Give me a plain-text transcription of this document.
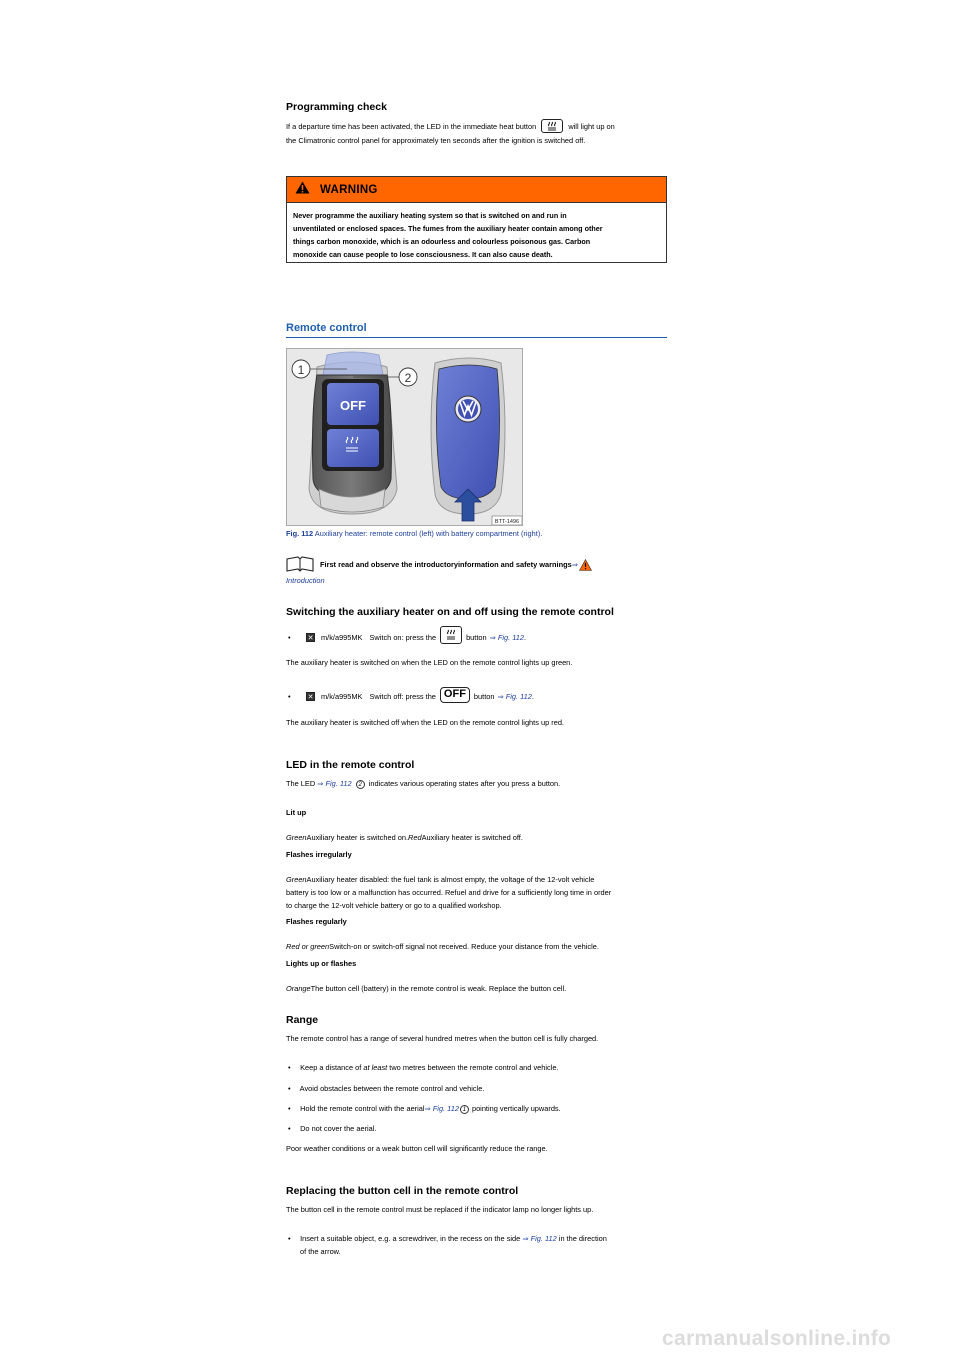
Programming check
If a departure time has been activated, the LED in the immediate heat button	will light up on
the Climatronic control panel for approximately ten seconds after the ignition is switched off.
WARNING
Never programme the auxiliary heating system so that is switched on and run in
unventilated or enclosed spaces. The fumes from the auxiliary heater contain among other
things carbon monoxide, which is an odourless and colourless poisonous gas. Carbon
monoxide can cause people to lose consciousness. It can also cause death.
Remote control
OFF
1
2
BTT-1496
Fig. 112 Auxiliary heater: remote control (left) with battery compartment (right).
First read and observe the introductoryinformation and safety warnings ⇒
Introduction
Switching the auxiliary heater on and off using the remote control
•	✕ m/k/a995MK Switch on: press the	button ⇒ Fig. 112 .
The auxiliary heater is switched on when the LED on the remote control lights up green.
•	✕ m/k/a995MK Switch off: press the OFF	button ⇒ Fig. 112 .
The auxiliary heater is switched off when the LED on the remote control lights up red.
LED in the remote control
The LED ⇒ Fig. 112 2 indicates various operating states after you press a button.
Lit up
GreenAuxiliary heater is switched on.RedAuxiliary heater is switched off.
Flashes irregularly
GreenAuxiliary heater disabled: the fuel tank is almost empty, the voltage of the 12-volt vehicle
battery is too low or a malfunction has occurred. Refuel and drive for a sufficiently long time in order
to charge the 12-volt vehicle battery or go to a qualified workshop.
Flashes regularly
Red or greenSwitch-on or switch-off signal not received. Reduce your distance from the vehicle.
Lights up or flashes
OrangeThe button cell (battery) in the remote control is weak. Replace the button cell.
Range
The remote control has a range of several hundred metres when the button cell is fully charged.
• Keep a distance of at least two metres between the remote control and vehicle.
• Avoid obstacles between the remote control and vehicle.
• Hold the remote control with the aerial⇒ Fig. 112 1 pointing vertically upwards.
• Do not cover the aerial.
Poor weather conditions or a weak button cell will significantly reduce the range.
Replacing the button cell in the remote control
The button cell in the remote control must be replaced if the indicator lamp no longer lights up.
• Insert a suitable object, e.g. a screwdriver, in the recess on the side ⇒ Fig. 112 in the direction
of the arrow.
carmanualsonline.info
